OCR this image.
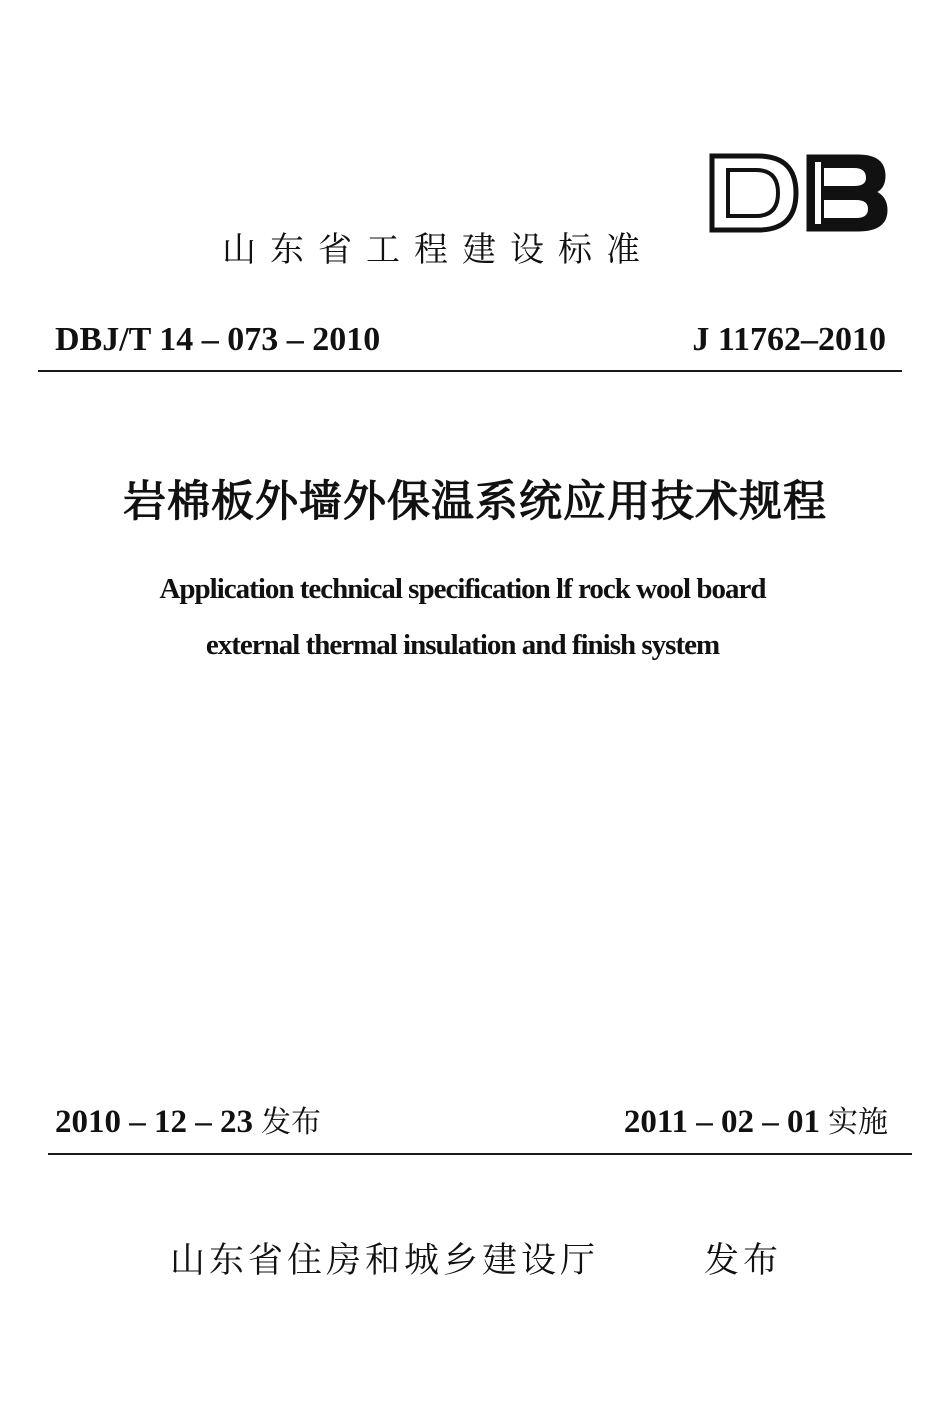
山东省工程建设标准
DBJ/T 14 – 073 – 2010	J 11762–2010
岩棉板外墙外保温系统应用技术规程
Application technical specification lf rock wool board
external thermal insulation and finish system
2010 – 12 – 23 发布	2011 – 02 – 01 实施
山东省住房和城乡建设厅	发布
